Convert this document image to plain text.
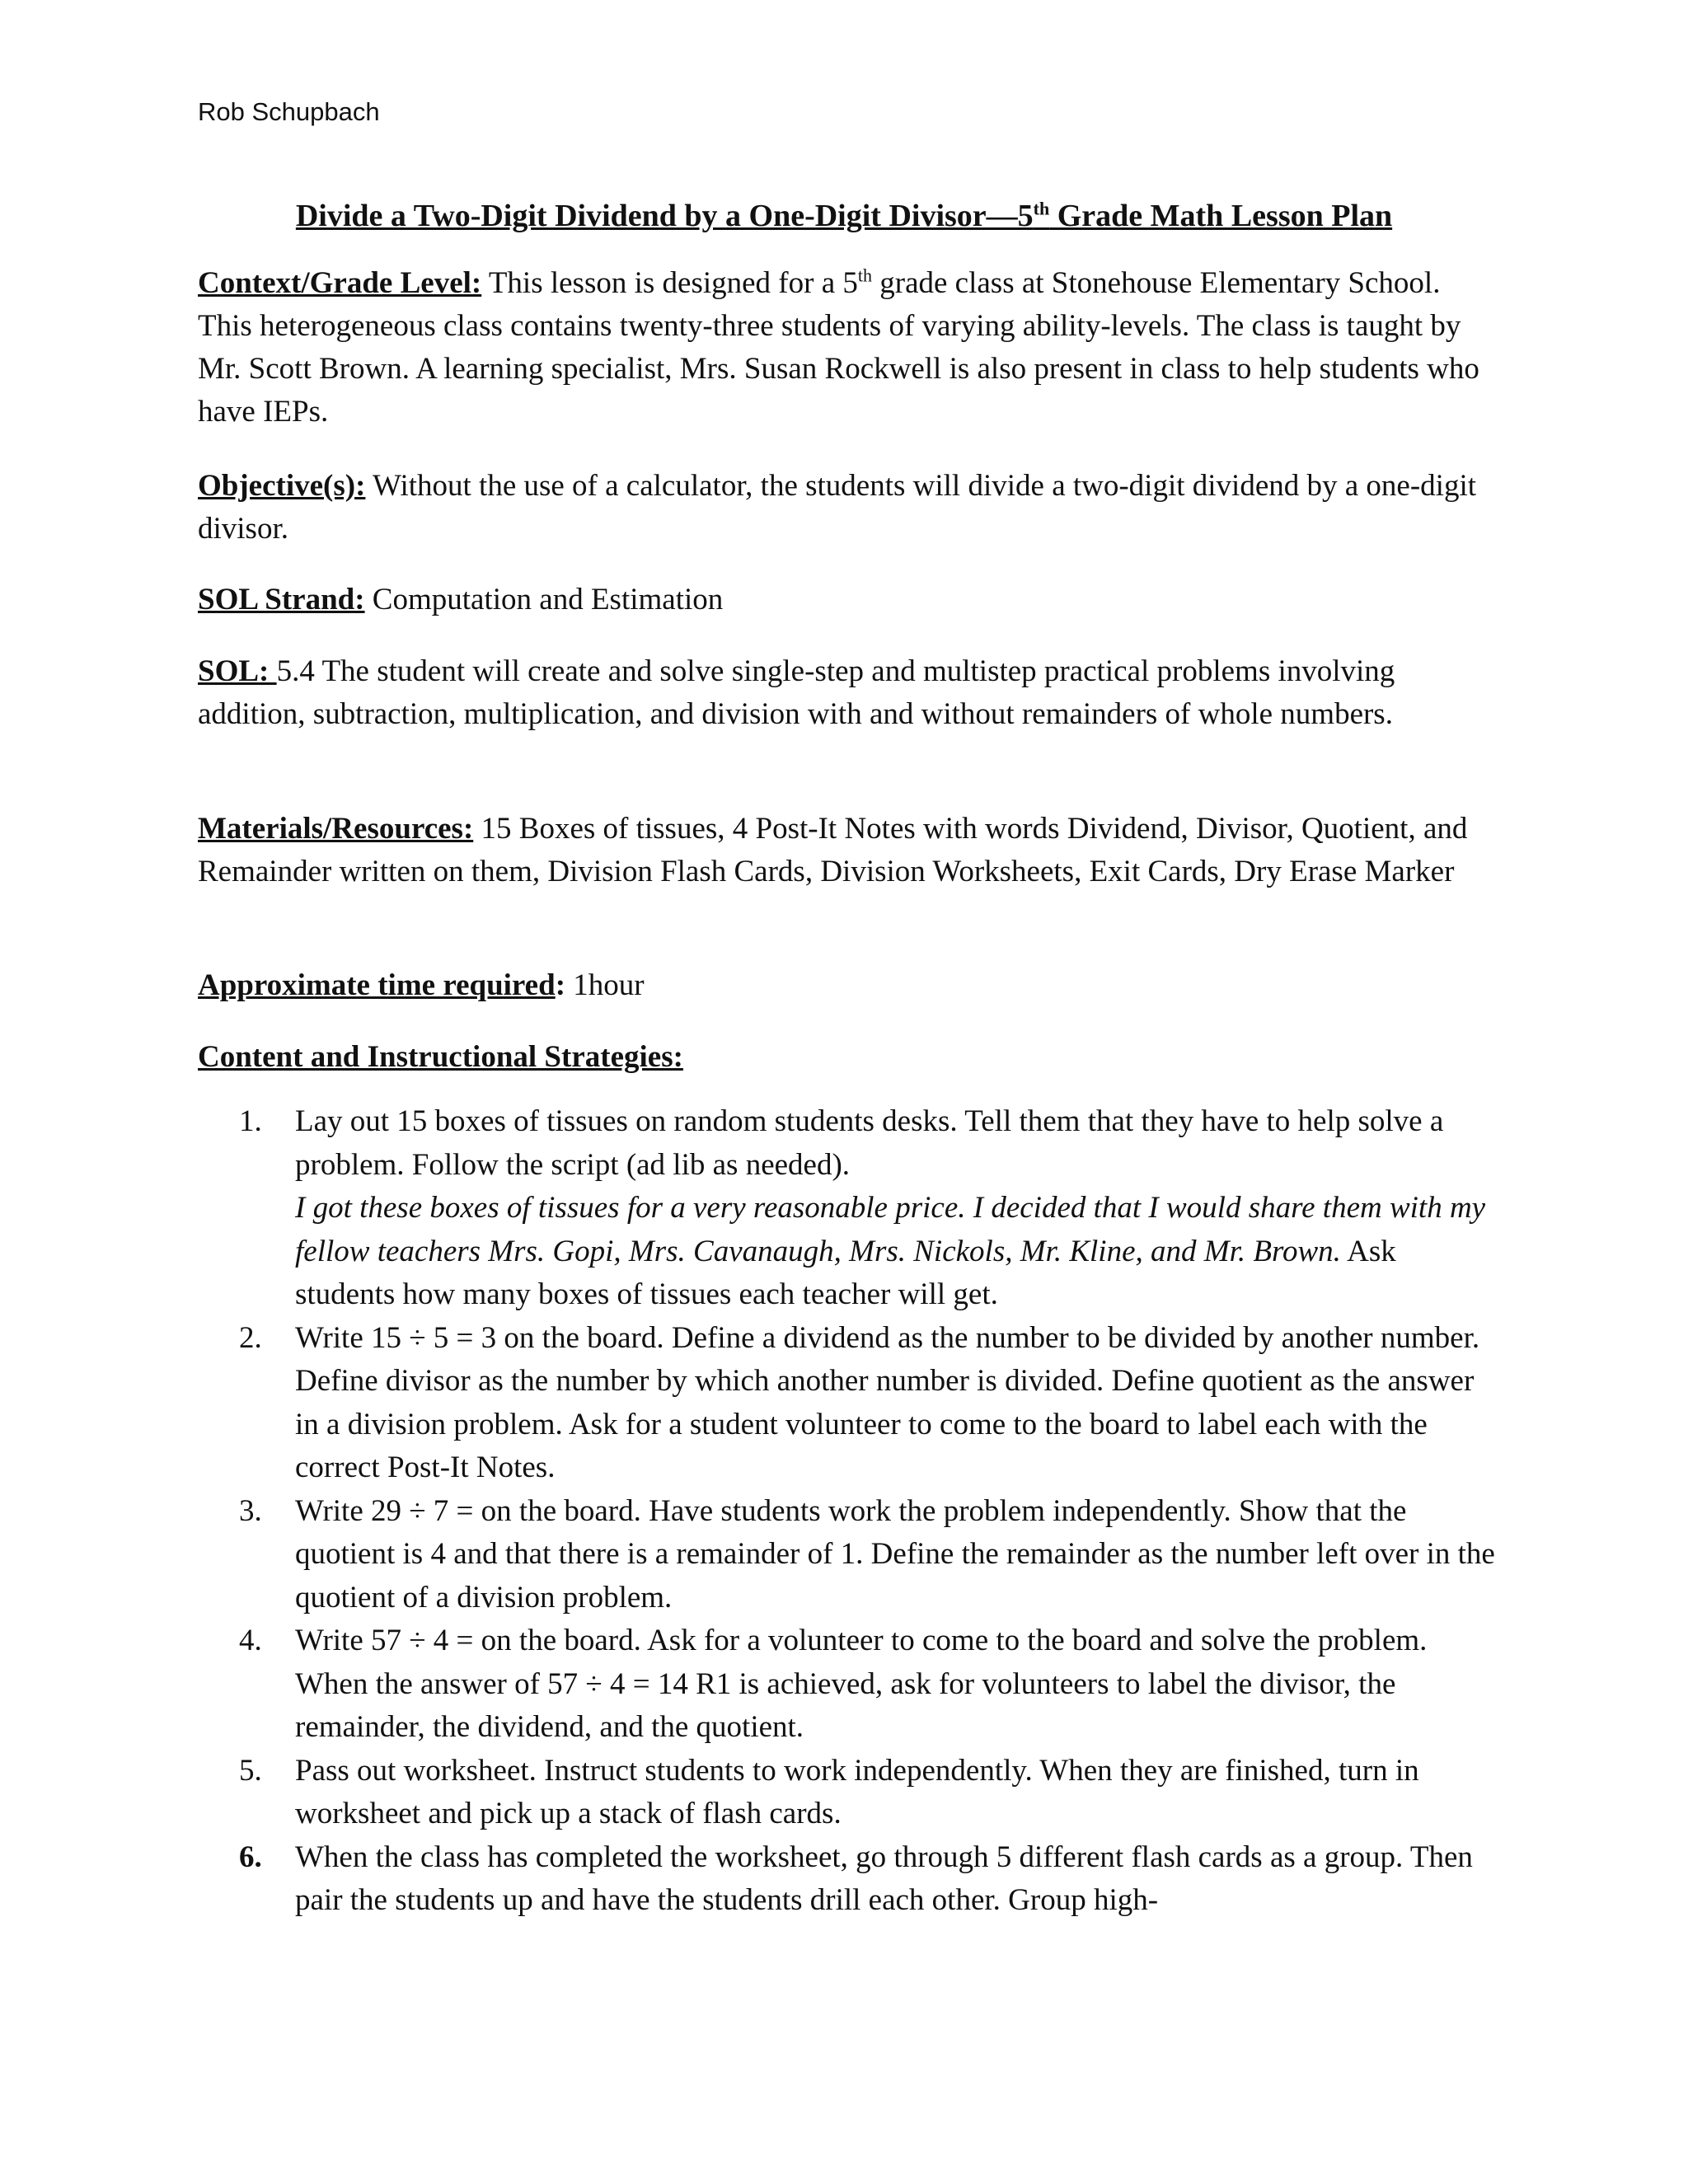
Rob Schupbach
Divide a Two-Digit Dividend by a One-Digit Divisor—5th Grade Math Lesson Plan
Context/Grade Level: This lesson is designed for a 5th grade class at Stonehouse Elementary School. This heterogeneous class contains twenty-three students of varying ability-levels. The class is taught by Mr. Scott Brown. A learning specialist, Mrs. Susan Rockwell is also present in class to help students who have IEPs.
Objective(s): Without the use of a calculator, the students will divide a two-digit dividend by a one-digit divisor.
SOL Strand: Computation and Estimation
SOL: 5.4 The student will create and solve single-step and multistep practical problems involving addition, subtraction, multiplication, and division with and without remainders of whole numbers.
Materials/Resources: 15 Boxes of tissues, 4 Post-It Notes with words Dividend, Divisor, Quotient, and Remainder written on them, Division Flash Cards, Division Worksheets, Exit Cards, Dry Erase Marker
Approximate time required: 1hour
Content and Instructional Strategies:
1. Lay out 15 boxes of tissues on random students desks. Tell them that they have to help solve a problem. Follow the script (ad lib as needed).
I got these boxes of tissues for a very reasonable price. I decided that I would share them with my fellow teachers Mrs. Gopi, Mrs. Cavanaugh, Mrs. Nickols, Mr. Kline, and Mr. Brown. Ask students how many boxes of tissues each teacher will get.
2. Write 15 ÷ 5 = 3 on the board. Define a dividend as the number to be divided by another number. Define divisor as the number by which another number is divided. Define quotient as the answer in a division problem. Ask for a student volunteer to come to the board to label each with the correct Post-It Notes.
3. Write 29 ÷ 7 = on the board. Have students work the problem independently. Show that the quotient is 4 and that there is a remainder of 1. Define the remainder as the number left over in the quotient of a division problem.
4. Write 57 ÷ 4 = on the board. Ask for a volunteer to come to the board and solve the problem. When the answer of 57 ÷ 4 = 14 R1 is achieved, ask for volunteers to label the divisor, the remainder, the dividend, and the quotient.
5. Pass out worksheet. Instruct students to work independently. When they are finished, turn in worksheet and pick up a stack of flash cards.
6. When the class has completed the worksheet, go through 5 different flash cards as a group. Then pair the students up and have the students drill each other. Group high-
